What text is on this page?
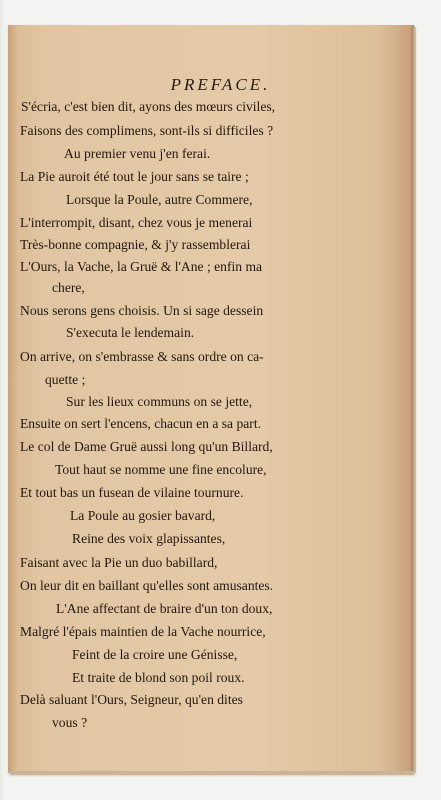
PREFACE.
S'écria, c'est bien dit, ayons des mœurs civiles,
Faisons des complimens, sont-ils si difficiles ?
Au premier venu j'en ferai.
La Pie auroit été tout le jour sans se taire ;
Lorsque la Poule, autre Commere,
L'interrompit, disant, chez vous je menerai
Très-bonne compagnie, & j'y rassemblerai
L'Ours, la Vache, la Gruë & l'Ane ; enfin ma
chere,
Nous serons gens choisis. Un si sage dessein
S'executa le lendemain.
On arrive, on s'embrasse & sans ordre on ca-
quette ;
Sur les lieux communs on se jette,
Ensuite on sert l'encens, chacun en a sa part.
Le col de Dame Gruë aussi long qu'un Billard,
Tout haut se nomme une fine encolure,
Et tout bas un fusean de vilaine tournure.
La Poule au gosier bavard,
Reine des voix glapissantes,
Faisant avec la Pie un duo babillard,
On leur dit en baillant qu'elles sont amusantes.
L'Ane affectant de braire d'un ton doux,
Malgré l'épais maintien de la Vache nourrice,
Feint de la croire une Génisse,
Et traite de blond son poil roux.
Delà saluant l'Ours, Seigneur, qu'en dites
vous ?
